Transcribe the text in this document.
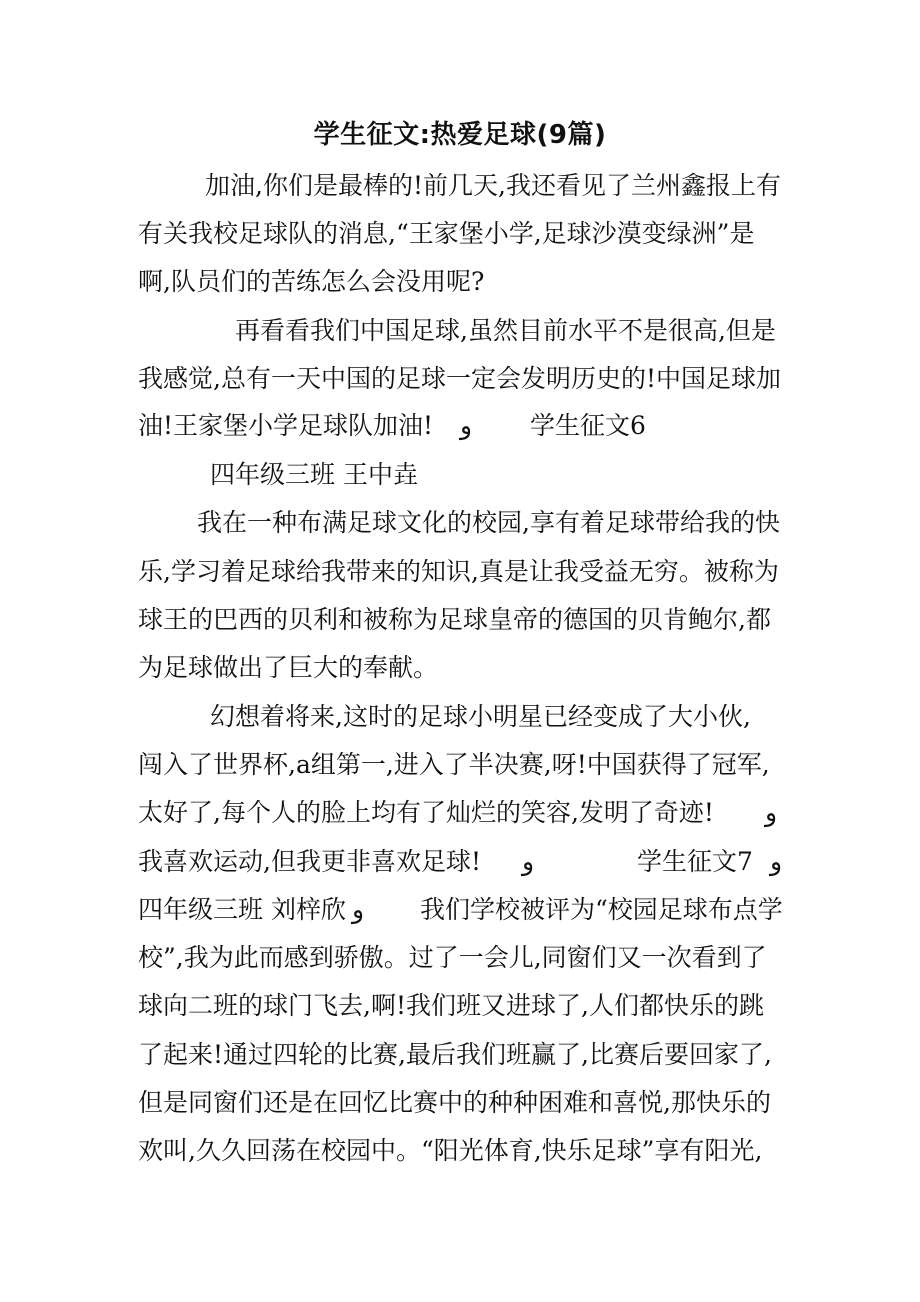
学生征文:热爱足球(9篇)
加油,你们是最棒的!前几天,我还看见了兰州鑫报上有
有关我校足球队的消息,“王家堡小学,足球沙漠变绿洲”是
啊,队员们的苦练怎么会没用呢?
再看看我们中国足球,虽然目前水平不是很高,但是
我感觉,总有一天中国的足球一定会发明历史的!中国足球加
油!王家堡小学足球队加油! و 学生征文6
四年级三班 王中垚
我在一种布满足球文化的校园,享有着足球带给我的快
乐,学习着足球给我带来的知识,真是让我受益无穷。被称为
球王的巴西的贝利和被称为足球皇帝的德国的贝肯鲍尔,都
为足球做出了巨大的奉献。
幻想着将来,这时的足球小明星已经变成了大小伙,
闯入了世界杯,a组第一,进入了半决赛,呀!中国获得了冠军,
太好了,每个人的脸上均有了灿烂的笑容,发明了奇迹! و
我喜欢运动,但我更非喜欢足球! و	学生征文7 و
四年级三班 刘梓欣 و 我们学校被评为“校园足球布点学
校”,我为此而感到骄傲。过了一会儿,同窗们又一次看到了
球向二班的球门飞去,啊!我们班又进球了,人们都快乐的跳
了起来!通过四轮的比赛,最后我们班赢了,比赛后要回家了,
但是同窗们还是在回忆比赛中的种种困难和喜悦,那快乐的
欢叫,久久回荡在校园中。“阳光体育,快乐足球”享有阳光,
